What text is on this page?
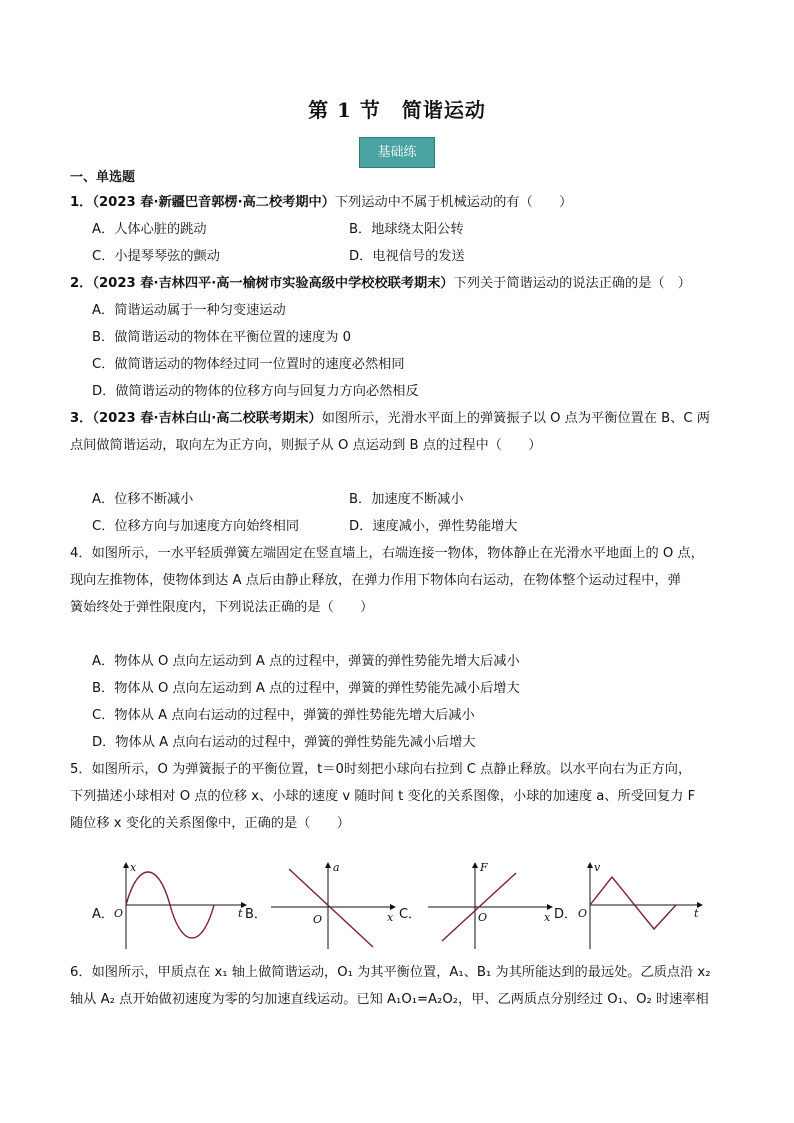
第 1 节　简谐运动
基础练
一、单选题
1．（2023 春·新疆巴音郭楞·高二校考期中）下列运动中不属于机械运动的有（　　）
A．人体心脏的跳动	B．地球绕太阳公转
C．小提琴琴弦的颤动	D．电视信号的发送
2．（2023 春·吉林四平·高一榆树市实验高级中学校校联考期末）下列关于简谐运动的说法正确的是（　）
A．简谐运动属于一种匀变速运动
B．做简谐运动的物体在平衡位置的速度为 0
C．做简谐运动的物体经过同一位置时的速度必然相同
D．做简谐运动的物体的位移方向与回复力方向必然相反
3．（2023 春·吉林白山·高二校联考期末）如图所示，光滑水平面上的弹簧振子以 O 点为平衡位置在 B、C 两
点间做简谐运动，取向左为正方向，则振子从 O 点运动到 B 点的过程中（　　）
A．位移不断减小	B．加速度不断减小
C．位移方向与加速度方向始终相同	D．速度减小，弹性势能增大
4．如图所示，一水平轻质弹簧左端固定在竖直墙上，右端连接一物体，物体静止在光滑水平地面上的 O 点，
现向左推物体，使物体到达 A 点后由静止释放，在弹力作用下物体向右运动，在物体整个运动过程中，弹
簧始终处于弹性限度内，下列说法正确的是（　　）
A．物体从 O 点向左运动到 A 点的过程中，弹簧的弹性势能先增大后减小
B．物体从 O 点向左运动到 A 点的过程中，弹簧的弹性势能先减小后增大
C．物体从 A 点向右运动的过程中，弹簧的弹性势能先增大后减小
D．物体从 A 点向右运动的过程中，弹簧的弹性势能先减小后增大
5．如图所示，O 为弹簧振子的平衡位置，t＝0时刻把小球向右拉到 C 点静止释放。以水平向右为正方向，
下列描述小球相对 O 点的位移 x、小球的速度 v 随时间 t 变化的关系图像，小球的加速度 a、所受回复力 F
随位移 x 变化的关系图像中，正确的是（　　）
A．
x
t
O	B．
a
x
O	C．
F
x
O	D．
v
t
O
6．如图所示，甲质点在 x₁ 轴上做简谐运动，O₁ 为其平衡位置，A₁、B₁ 为其所能达到的最远处。乙质点沿 x₂
轴从 A₂ 点开始做初速度为零的匀加速直线运动。已知 A₁O₁=A₂O₂，甲、乙两质点分别经过 O₁、O₂ 时速率相
